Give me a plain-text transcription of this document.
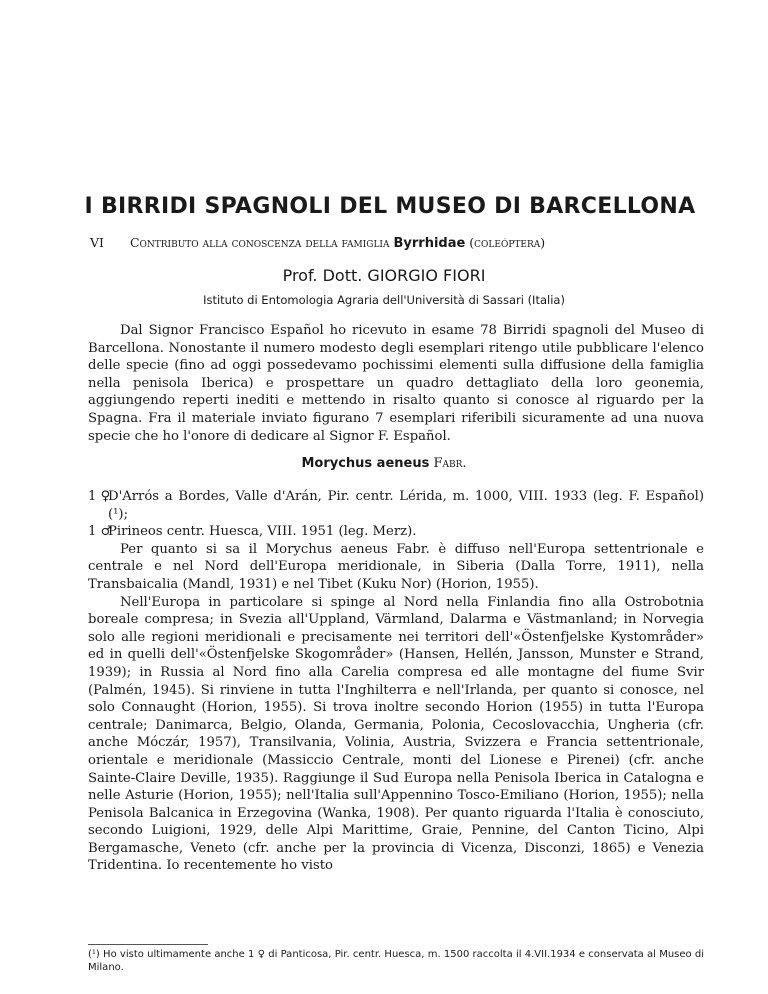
I BIRRIDI SPAGNOLI DEL MUSEO DI BARCELLONA
VI Contributo alla conoscenza della famiglia Byrrhidae (coleóptera)
Prof. Dott. GIORGIO FIORI
Istituto di Entomologia Agraria dell'Università di Sassari (Italia)

Dal Signor Francisco Español ho ricevuto in esame 78 Birridi spagnoli del Museo di Barcellona. Nonostante il numero modesto degli esemplari ritengo utile pubblicare l'elenco delle specie (fino ad oggi possedevamo pochissimi elementi sulla diffusione della famiglia nella penisola Iberica) e prospettare un quadro dettagliato della loro geonemia, aggiungendo reperti inediti e mettendo in risalto quanto si conosce al riguardo per la Spagna. Fra il materiale inviato figurano 7 esemplari riferibili sicuramente ad una nuova specie che ho l'onore di dedicare al Signor F. Español.

Morychus aeneus Fabr.

1 ♀
D'Arrós a Bordes, Valle d'Arán, Pir. centr. Lérida, m. 1000, VIII. 1933 (leg. F. Español) (¹);

1 ♂
Pirineos centr. Huesca, VIII. 1951 (leg. Merz).

Per quanto si sa il Morychus aeneus Fabr. è diffuso nell'Europa settentrionale e centrale e nel Nord dell'Europa meridionale, in Siberia (Dalla Torre, 1911), nella Transbaicalia (Mandl, 1931) e nel Tibet (Kuku Nor) (Horion, 1955).

Nell'Europa in particolare si spinge al Nord nella Finlandia fino alla Ostrobotnia boreale compresa; in Svezia all'Uppland, Värmland, Dalarma e Västmanland; in Norvegia solo alle regioni meridionali e precisamente nei territori dell'«Östenfjelske Kystområder» ed in quelli dell'«Östenfjelske Skogområder» (Hansen, Hellén, Jansson, Munster e Strand, 1939); in Russia al Nord fino alla Carelia compresa ed alle montagne del fiume Svir (Palmén, 1945). Si rinviene in tutta l'Inghilterra e nell'Irlanda, per quanto si conosce, nel solo Connaught (Horion, 1955). Si trova inoltre secondo Horion (1955) in tutta l'Europa centrale; Danimarca, Belgio, Olanda, Germania, Polonia, Cecoslovacchia, Ungheria (cfr. anche Móczár, 1957), Transilvania, Volinia, Austria, Svizzera e Francia settentrionale, orientale e meridionale (Massiccio Centrale, monti del Lionese e Pirenei) (cfr. anche Sainte-Claire Deville, 1935). Raggiunge il Sud Europa nella Penisola Iberica in Catalogna e nelle Asturie (Horion, 1955); nell'Italia sull'Appennino Tosco-Emiliano (Horion, 1955); nella Penisola Balcanica in Erzegovina (Wanka, 1908). Per quanto riguarda l'Italia è conosciuto, secondo Luigioni, 1929, delle Alpi Marittime, Graie, Pennine, del Canton Ticino, Alpi Bergamasche, Veneto (cfr. anche per la provincia di Vicenza, Disconzi, 1865) e Venezia Tridentina. Io recentemente ho visto

(¹) Ho visto ultimamente anche 1 ♀ di Panticosa, Pir. centr. Huesca, m. 1500 raccolta il 4.VII.1934 e conservata al Museo di Milano.
